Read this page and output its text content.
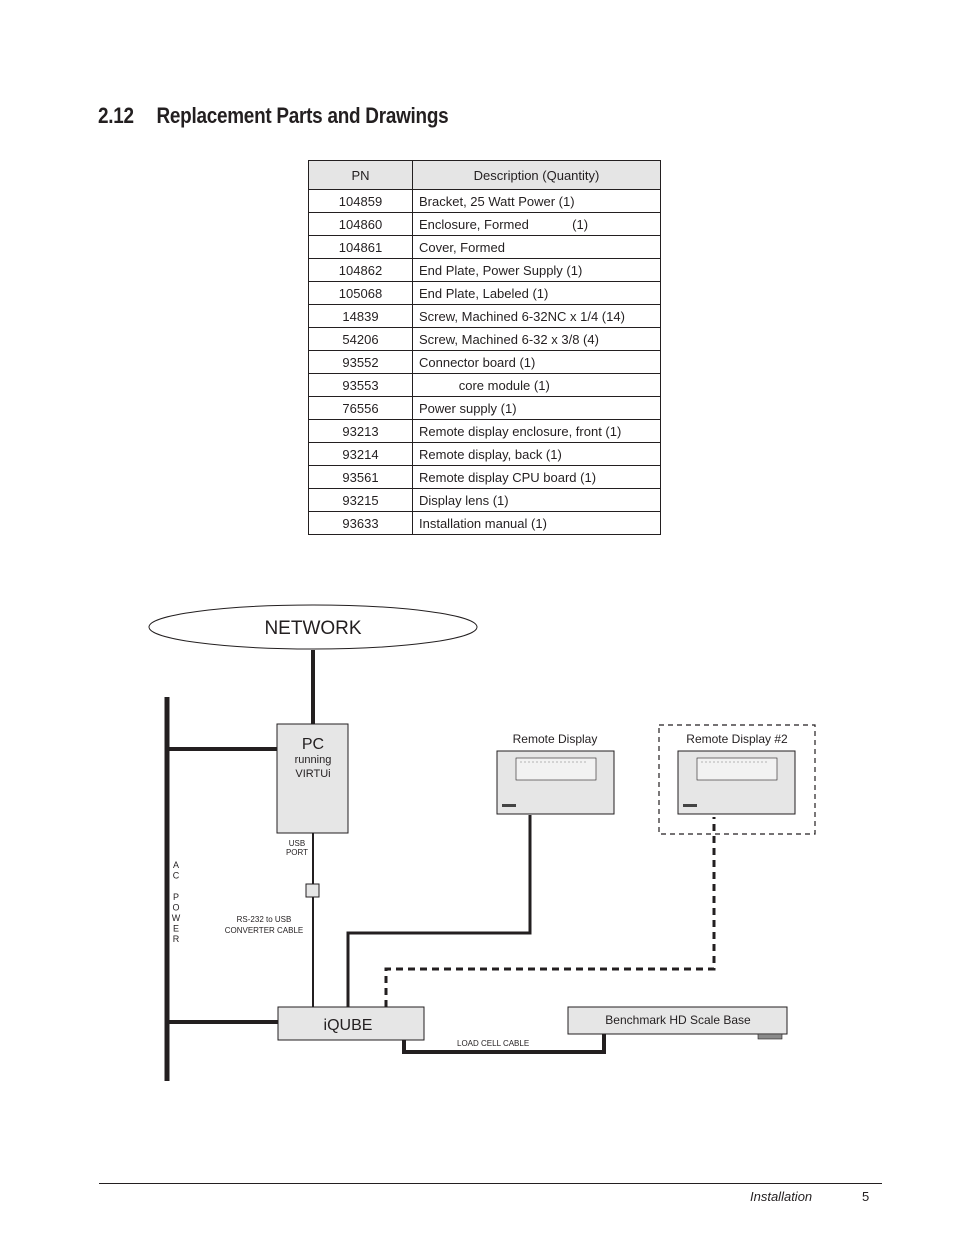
2.12 Replacement Parts and Drawings
PN	Description (Quantity)
104859	Bracket, 25 Watt Power (1)
104860	Enclosure, Formed            (1)
104861	Cover, Formed
104862	End Plate, Power Supply (1)
105068	End Plate, Labeled (1)
14839	Screw, Machined 6-32NC x 1/4 (14)
54206	Screw, Machined 6-32 x 3/8 (4)
93552	Connector board (1)
93553	core module (1)
76556	Power supply (1)
93213	Remote display enclosure, front (1)
93214	Remote display, back (1)
93561	Remote display CPU board (1)
93215	Display lens (1)
93633	Installation manual (1)
NETWORK
PC
running
VIRTUi
USB
PORT
RS-232 to USB
CONVERTER CABLE
A
C
P
O
W
E
R
iQUBE
Remote Display	Remote Display #2
Benchmark HD Scale Base
LOAD CELL CABLE
Installation	5
